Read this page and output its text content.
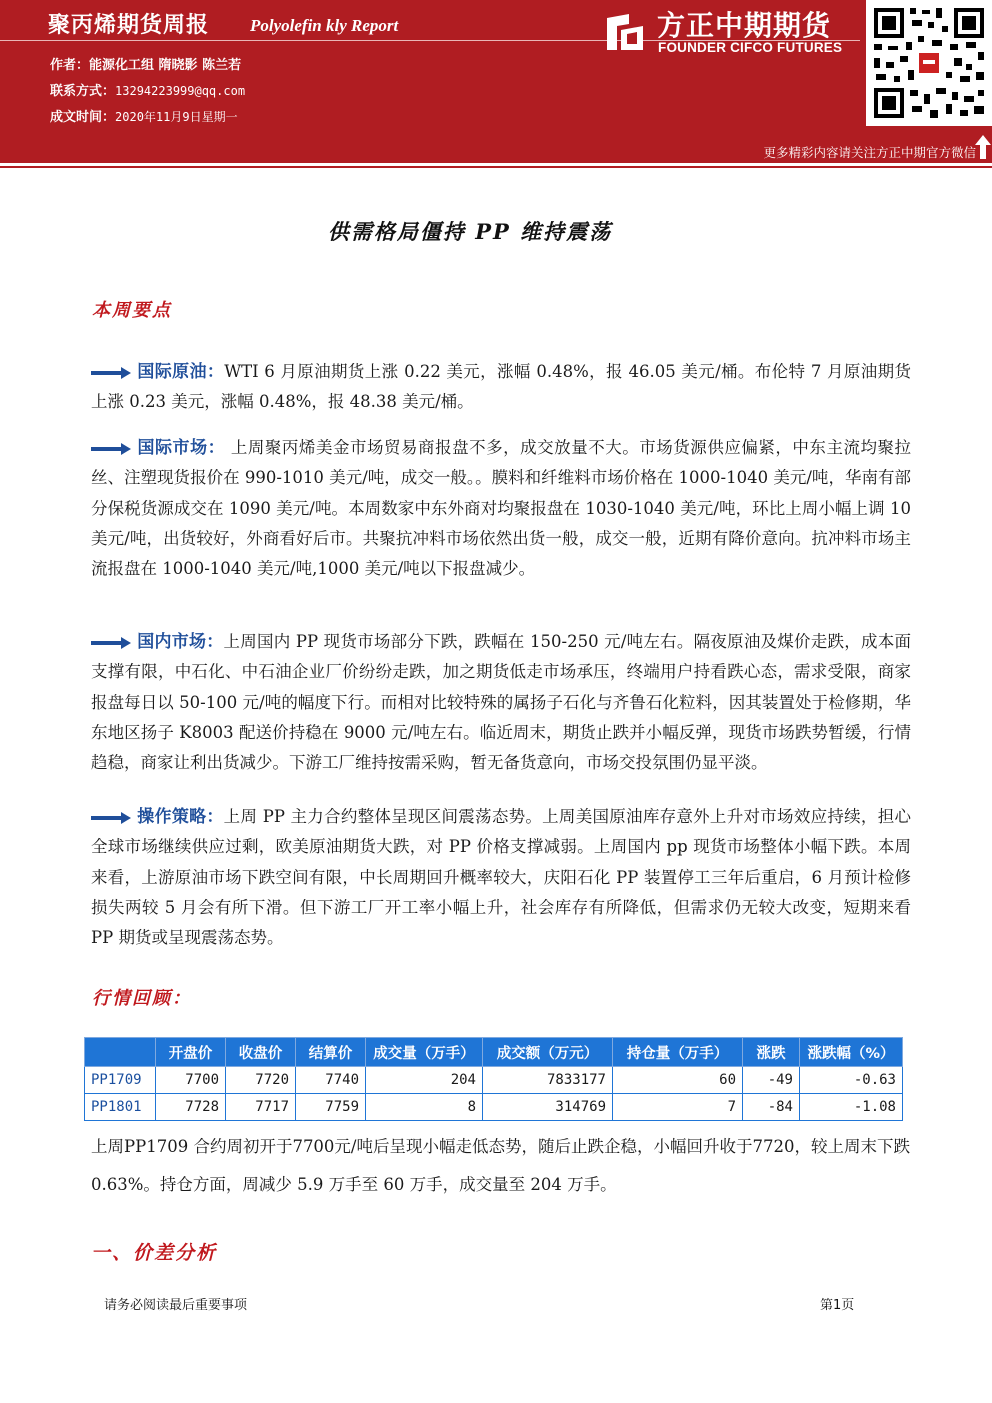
聚丙烯期货周报 Polyolefin kly Report
作者：能源化工组 隋晓影 陈兰若
联系方式：13294223999@qq.com
成文时间：2020年11月9日星期一
方正中期期货
FOUNDER CIFCO FUTURES
更多精彩内容请关注方正中期官方微信
供需格局僵持 PP 维持震荡
本周要点
国际原油：WTI 6 月原油期货上涨 0.22 美元，涨幅 0.48%，报 46.05 美元/桶。布伦特 7 月原油期货上涨 0.23 美元，涨幅 0.48%，报 48.38 美元/桶。
国际市场： 上周聚丙烯美金市场贸易商报盘不多，成交放量不大。市场货源供应偏紧，中东主流均聚拉丝、注塑现货报价在 990-1010 美元/吨，成交一般。。膜料和纤维料市场价格在 1000-1040 美元/吨，华南有部分保税货源成交在 1090 美元/吨。本周数家中东外商对均聚报盘在 1030-1040 美元/吨，环比上周小幅上调 10 美元/吨，出货较好，外商看好后市。共聚抗冲料市场依然出货一般，成交一般，近期有降价意向。抗冲料市场主流报盘在 1000-1040 美元/吨,1000 美元/吨以下报盘减少。
国内市场：上周国内 PP 现货市场部分下跌，跌幅在 150-250 元/吨左右。隔夜原油及煤价走跌，成本面支撑有限，中石化、中石油企业厂价纷纷走跌，加之期货低走市场承压，终端用户持看跌心态，需求受限，商家报盘每日以 50-100 元/吨的幅度下行。而相对比较特殊的属扬子石化与齐鲁石化粒料，因其装置处于检修期，华东地区扬子 K8003 配送价持稳在 9000 元/吨左右。临近周末，期货止跌并小幅反弹，现货市场跌势暂缓，行情趋稳，商家让利出货减少。下游工厂维持按需采购，暂无备货意向，市场交投氛围仍显平淡。
操作策略：上周 PP 主力合约整体呈现区间震荡态势。上周美国原油库存意外上升对市场效应持续，担心全球市场继续供应过剩，欧美原油期货大跌，对 PP 价格支撑减弱。上周国内 pp 现货市场整体小幅下跌。本周来看，上游原油市场下跌空间有限，中长周期回升概率较大，庆阳石化 PP 装置停工三年后重启，6 月预计检修损失两较 5 月会有所下滑。但下游工厂开工率小幅上升，社会库存有所降低，但需求仍无较大改变，短期来看 PP 期货或呈现震荡态势。
行情回顾：
	开盘价	收盘价	结算价	成交量（万手）	成交额（万元）	持仓量（万手）	涨跌	涨跌幅（%）
PP1709	7700	7720	7740	204	7833177	60	-49	-0.63
PP1801	7728	7717	7759	8	314769	7	-84	-1.08
上周PP1709 合约周初开于7700元/吨后呈现小幅走低态势，随后止跌企稳，小幅回升收于7720，较上周末下跌 0.63%。持仓方面，周减少 5.9 万手至 60 万手，成交量至 204 万手。
一、价差分析
请务必阅读最后重要事项	第1页
